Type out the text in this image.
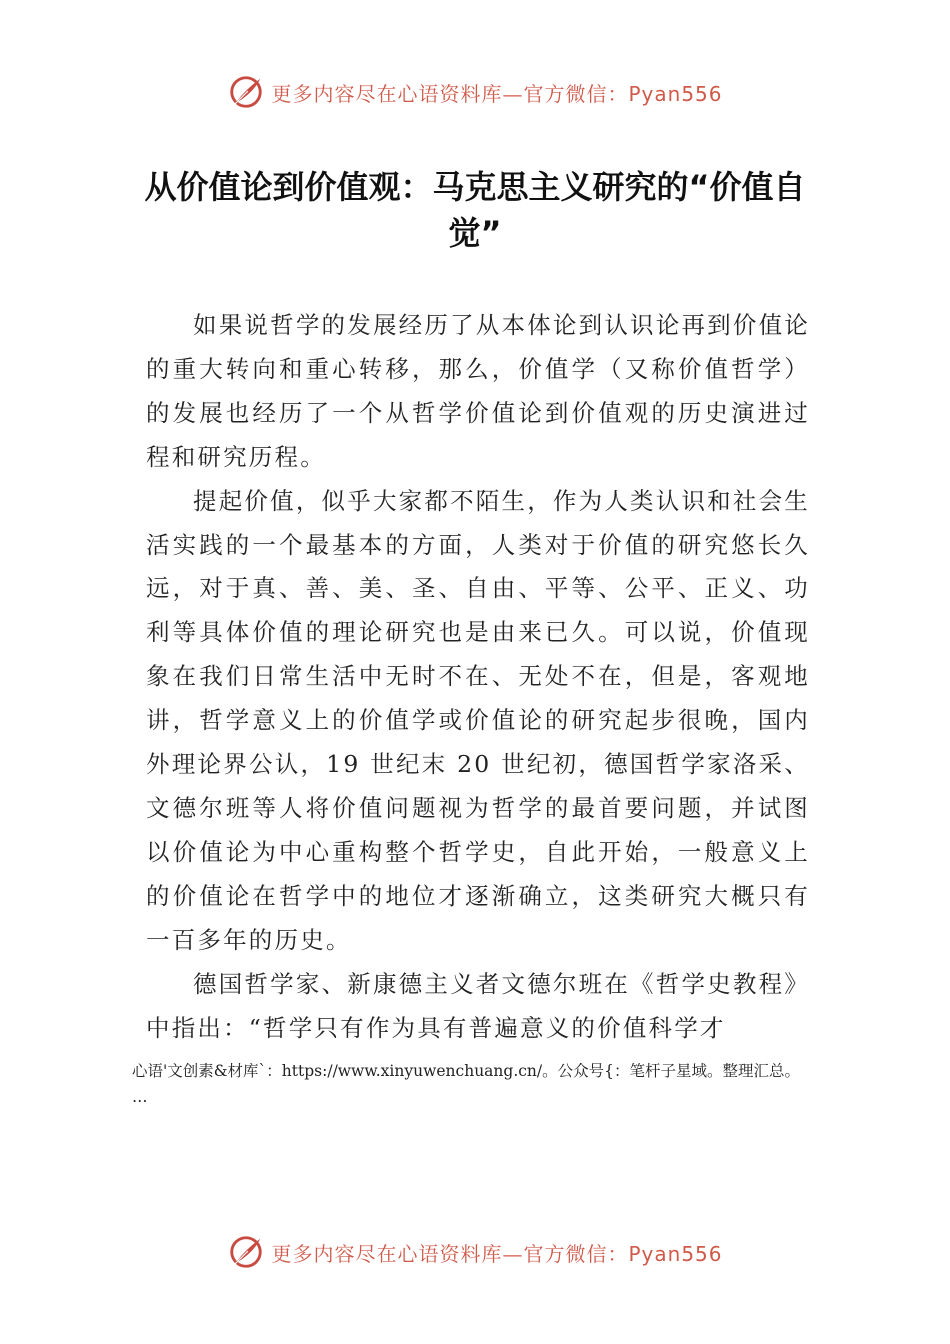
更多内容尽在心语资料库—官方微信：Pyan556
从价值论到价值观：马克思主义研究的“价值自觉”

如果说哲学的发展经历了从本体论到认识论再到价值论的重大转向和重心转移，那么，价值学（又称价值哲学）的发展也经历了一个从哲学价值论到价值观的历史演进过程和研究历程。

提起价值，似乎大家都不陌生，作为人类认识和社会生活实践的一个最基本的方面，人类对于价值的研究悠长久远，对于真、善、美、圣、自由、平等、公平、正义、功利等具体价值的理论研究也是由来已久。可以说，价值现象在我们日常生活中无时不在、无处不在，但是，客观地讲，哲学意义上的价值学或价值论的研究起步很晚，国内外理论界公认，19 世纪末 20 世纪初，德国哲学家洛采、文德尔班等人将价值问题视为哲学的最首要问题，并试图以价值论为中心重构整个哲学史，自此开始，一般意义上的价值论在哲学中的地位才逐渐确立，这类研究大概只有一百多年的历史。

德国哲学家、新康德主义者文德尔班在《哲学史教程》中指出：“哲学只有作为具有普遍意义的价值科学才

心语'文创素&材库`：https://www.xinyuwenchuang.cn/。公众号{：笔杆子星域。整理汇总。
…
更多内容尽在心语资料库—官方微信：Pyan556
